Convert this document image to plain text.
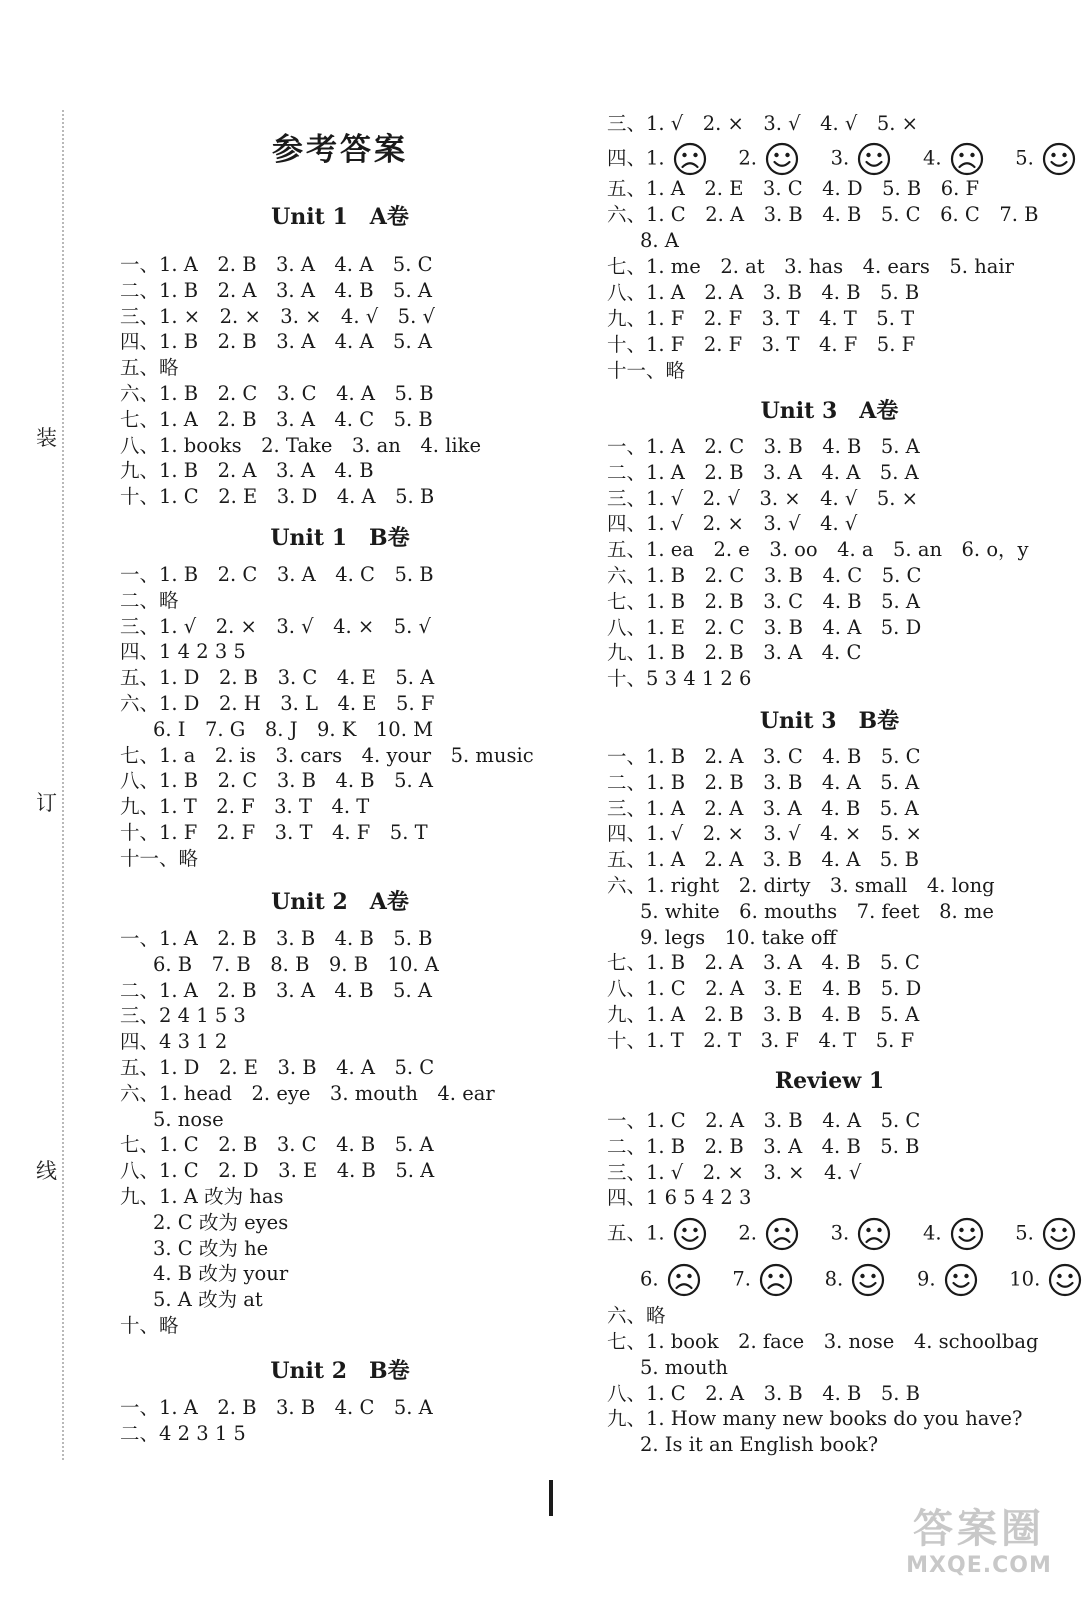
装
订
线
参考答案
Unit 1　A卷
一、1. A　2. B　3. A　4. A　5. C
二、1. B　2. A　3. A　4. B　5. A
三、1. ×　2. ×　3. ×　4. √　5. √
四、1. B　2. B　3. A　4. A　5. A
五、略
六、1. B　2. C　3. C　4. A　5. B
七、1. A　2. B　3. A　4. C　5. B
八、1. books　2. Take　3. an　4. like
九、1. B　2. A　3. A　4. B
十、1. C　2. E　3. D　4. A　5. B
Unit 1　B卷
一、1. B　2. C　3. A　4. C　5. B
二、略
三、1. √　2. ×　3. √　4. ×　5. √
四、1 4 2 3 5
五、1. D　2. B　3. C　4. E　5. A
六、1. D　2. H　3. L　4. E　5. F
6. I　7. G　8. J　9. K　10. M
七、1. a　2. is　3. cars　4. your　5. music
八、1. B　2. C　3. B　4. B　5. A
九、1. T　2. F　3. T　4. T
十、1. F　2. F　3. T　4. F　5. T
十一、略
Unit 2　A卷
一、1. A　2. B　3. B　4. B　5. B
6. B　7. B　8. B　9. B　10. A
二、1. A　2. B　3. A　4. B　5. A
三、2 4 1 5 3
四、4 3 1 2
五、1. D　2. E　3. B　4. A　5. C
六、1. head　2. eye　3. mouth　4. ear
5. nose
七、1. C　2. B　3. C　4. B　5. A
八、1. C　2. D　3. E　4. B　5. A
九、1. A 改为 has
2. C 改为 eyes
3. C 改为 he
4. B 改为 your
5. A 改为 at
十、略
Unit 2　B卷
一、1. A　2. B　3. B　4. C　5. A
二、4 2 3 1 5
三、1. √　2. ×　3. √　4. √　5. ×
四、1.
　2.
　3.
　4.
　5.
五、1. A　2. E　3. C　4. D　5. B　6. F
六、1. C　2. A　3. B　4. B　5. C　6. C　7. B
8. A
七、1. me　2. at　3. has　4. ears　5. hair
八、1. A　2. A　3. B　4. B　5. B
九、1. F　2. F　3. T　4. T　5. T
十、1. F　2. F　3. T　4. F　5. F
十一、略
Unit 3　A卷
一、1. A　2. C　3. B　4. B　5. A
二、1. A　2. B　3. A　4. A　5. A
三、1. √　2. √　3. ×　4. √　5. ×
四、1. √　2. ×　3. √　4. √
五、1. ea　2. e　3. oo　4. a　5. an　6. o，y
六、1. B　2. C　3. B　4. C　5. C
七、1. B　2. B　3. C　4. B　5. A
八、1. E　2. C　3. B　4. A　5. D
九、1. B　2. B　3. A　4. C
十、5 3 4 1 2 6
Unit 3　B卷
一、1. B　2. A　3. C　4. B　5. C
二、1. B　2. B　3. B　4. A　5. A
三、1. A　2. A　3. A　4. B　5. A
四、1. √　2. ×　3. √　4. ×　5. ×
五、1. A　2. A　3. B　4. A　5. B
六、1. right　2. dirty　3. small　4. long
5. white　6. mouths　7. feet　8. me
9. legs　10. take off
七、1. B　2. A　3. A　4. B　5. C
八、1. C　2. A　3. E　4. B　5. D
九、1. A　2. B　3. B　4. B　5. A
十、1. T　2. T　3. F　4. T　5. F
Review 1
一、1. C　2. A　3. B　4. A　5. C
二、1. B　2. B　3. A　4. B　5. B
三、1. √　2. ×　3. ×　4. √
四、1 6 5 4 2 3
五、1.
　2.
　3.
　4.
　5.
6.
　7.
　8.
　9.
　10.
六、略
七、1. book　2. face　3. nose　4. schoolbag
5. mouth
八、1. C　2. A　3. B　4. B　5. B
九、1. How many new books do you have?
2. Is it an English book?
答案圈
MXQE.COM
